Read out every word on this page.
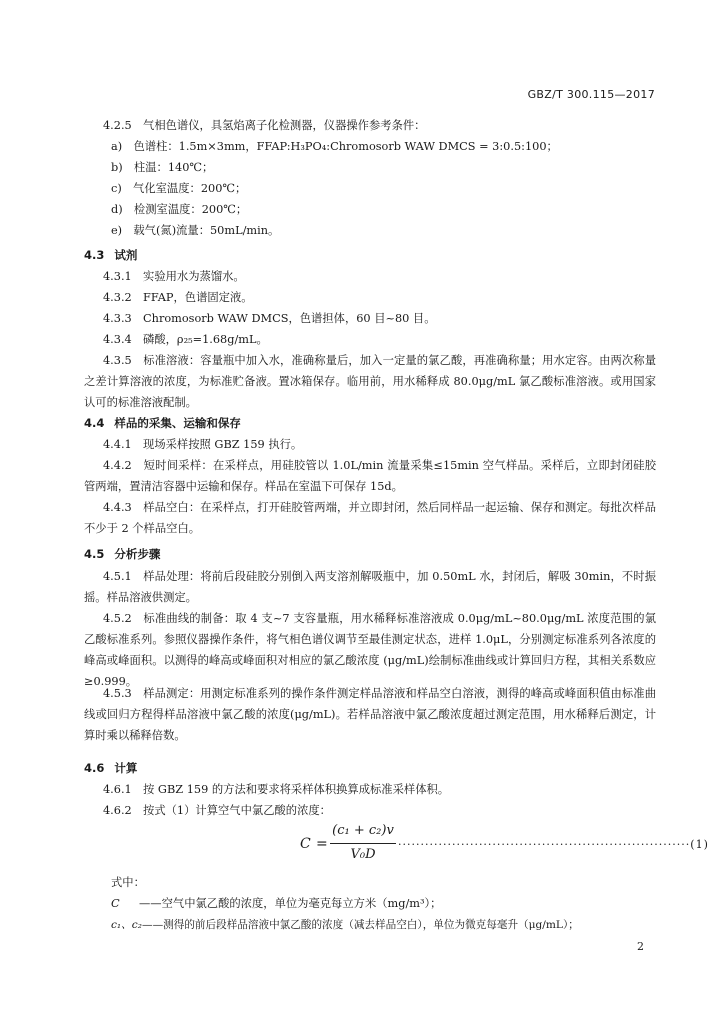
GBZ/T 300.115—2017
4.2.5　气相色谱仪，具氢焰离子化检测器，仪器操作参考条件：
a)　色谱柱：1.5m×3mm，FFAP:H₃PO₄:Chromosorb WAW DMCS = 3:0.5:100；
b)　柱温：140℃；
c)　气化室温度：200℃；
d)　检测室温度：200℃；
e)　载气(氮)流量：50mL/min。
4.3 试剂
4.3.1　实验用水为蒸馏水。
4.3.2　FFAP，色谱固定液。
4.3.3　Chromosorb WAW DMCS，色谱担体，60 目~80 目。
4.3.4　磷酸，ρ₂₅=1.68g/mL。
4.3.5　标准溶液：容量瓶中加入水，准确称量后，加入一定量的氯乙酸，再准确称量；用水定容。由两次称量之差计算溶液的浓度，为标准贮备液。置冰箱保存。临用前，用水稀释成 80.0μg/mL 氯乙酸标准溶液。或用国家认可的标准溶液配制。
4.4 样品的采集、运输和保存
4.4.1　现场采样按照 GBZ 159 执行。
4.4.2　短时间采样：在采样点，用硅胶管以 1.0L/min 流量采集≤15min 空气样品。采样后，立即封闭硅胶管两端，置清洁容器中运输和保存。样品在室温下可保存 15d。
4.4.3　样品空白：在采样点，打开硅胶管两端，并立即封闭，然后同样品一起运输、保存和测定。每批次样品不少于 2 个样品空白。
4.5 分析步骤
4.5.1　样品处理：将前后段硅胶分别倒入两支溶剂解吸瓶中，加 0.50mL 水，封闭后，解吸 30min，不时振摇。样品溶液供测定。
4.5.2　标准曲线的制备：取 4 支~7 支容量瓶，用水稀释标准溶液成 0.0μg/mL~80.0μg/mL 浓度范围的氯乙酸标准系列。参照仪器操作条件，将气相色谱仪调节至最佳测定状态，进样 1.0μL，分别测定标准系列各浓度的峰高或峰面积。以测得的峰高或峰面积对相应的氯乙酸浓度 (μg/mL)绘制标准曲线或计算回归方程，其相关系数应≥0.999。
4.5.3　样品测定：用测定标准系列的操作条件测定样品溶液和样品空白溶液，测得的峰高或峰面积值由标准曲线或回归方程得样品溶液中氯乙酸的浓度(μg/mL)。若样品溶液中氯乙酸浓度超过测定范围，用水稀释后测定，计算时乘以稀释倍数。
4.6 计算
4.6.1　按 GBZ 159 的方法和要求将采样体积换算成标准采样体积。
4.6.2　按式（1）计算空气中氯乙酸的浓度：
C =
(c₁ + c₂)v
V₀D
·································································(1)
式中：
C ——空气中氯乙酸的浓度，单位为毫克每立方米（mg/m³）；
c₁、c₂——测得的前后段样品溶液中氯乙酸的浓度（减去样品空白），单位为微克每毫升（μg/mL）；
2
